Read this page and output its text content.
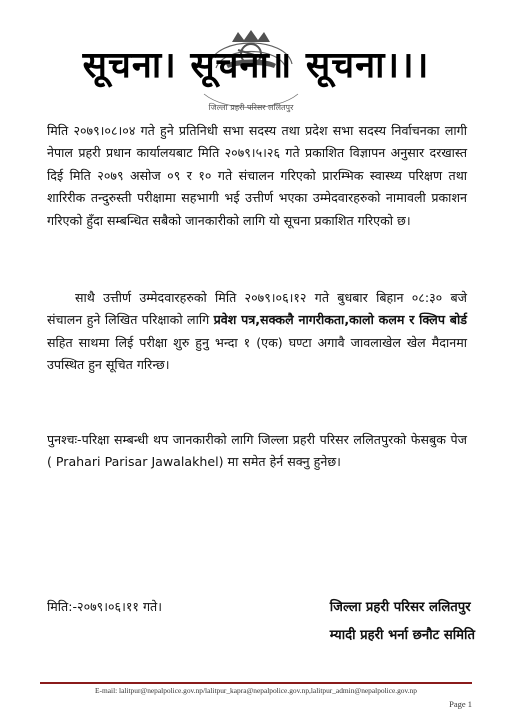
जिल्ला प्रहरी परिसर ललितपुर
सूचना। सूचना॥ सूचना।।।

मिति २०७९।०८।०४ गते हुने प्रतिनिधी सभा सदस्य तथा प्रदेश सभा सदस्य निर्वाचनका लागी नेपाल प्रहरी प्रधान कार्यालयबाट मिति २०७९।५।२६ गते प्रकाशित विज्ञापन अनुसार दरखास्त दिई मिति २०७९ असोज ०९ र १० गते संचालन गरिएको प्रारम्भिक स्वास्थ्य परिक्षण तथा शारिरीक तन्दुरुस्ती परीक्षामा सहभागी भई उत्तीर्ण भएका उम्मेदवारहरुको नामावली प्रकाशन गरिएको हुँदा सम्बन्धित सबैको जानकारीको लागि यो सूचना प्रकाशित गरिएको छ।

साथै उत्तीर्ण उम्मेदवारहरुको मिति २०७९।०६।१२ गते बुधबार बिहान ०८:३० बजे संचालन हुने लिखित परिक्षाको लागि प्रवेश पत्र,सक्कलै नागरीकता,कालो कलम र क्लिप बोर्ड सहित साथमा लिई परीक्षा शुरु हुनु भन्दा १ (एक) घण्टा अगावै जावलाखेल खेल मैदानमा उपस्थित हुन सूचित गरिन्छ।

पुनश्चः-परिक्षा सम्बन्धी थप जानकारीको लागि जिल्ला प्रहरी परिसर ललितपुरको फेसबुक पेज ( Prahari Parisar Jawalakhel) मा समेत हेर्न सक्नु हुनेछ।

मिति:-२०७९।०६।११ गते।	जिल्ला प्रहरी परिसर ललितपुर
म्यादी प्रहरी भर्ना छनौट समिति
E-mail: lalitpur@nepalpolice.gov.np/lalitpur_kapra@nepalpolice.gov.np,lalitpur_admin@nepalpolice.gov.np
Page 1
